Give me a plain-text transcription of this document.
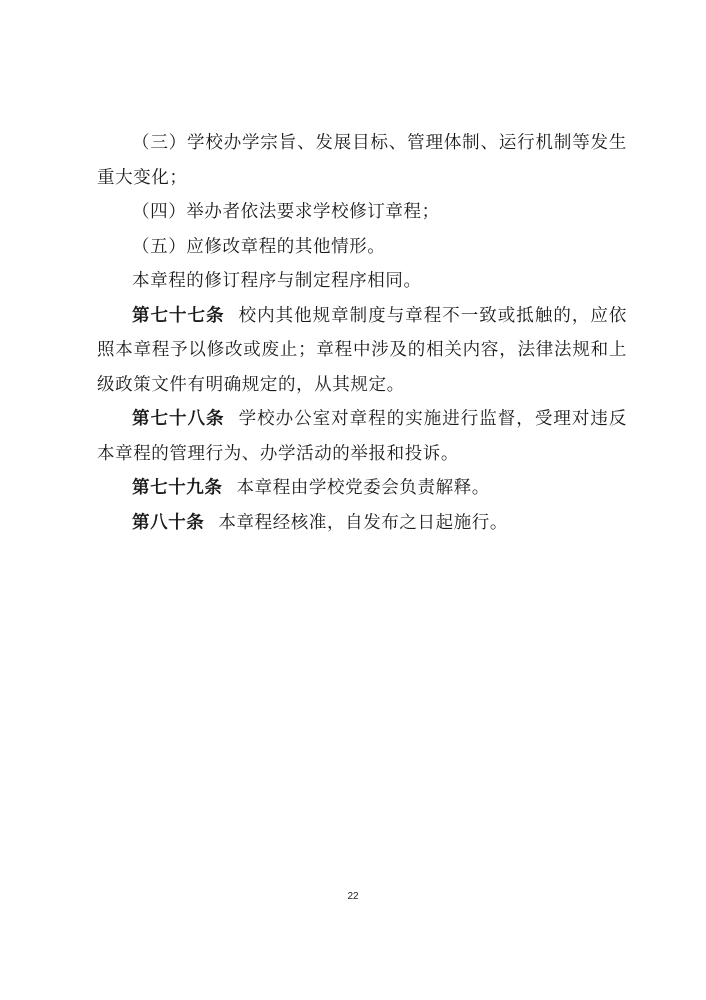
（三）学校办学宗旨、发展目标、管理体制、运行机制等发生重大变化；

（四）举办者依法要求学校修订章程；

（五）应修改章程的其他情形。

本章程的修订程序与制定程序相同。

第七十七条 校内其他规章制度与章程不一致或抵触的，应依照本章程予以修改或废止；章程中涉及的相关内容，法律法规和上级政策文件有明确规定的，从其规定。

第七十八条 学校办公室对章程的实施进行监督，受理对违反本章程的管理行为、办学活动的举报和投诉。

第七十九条 本章程由学校党委会负责解释。

第八十条 本章程经核准，自发布之日起施行。

22
